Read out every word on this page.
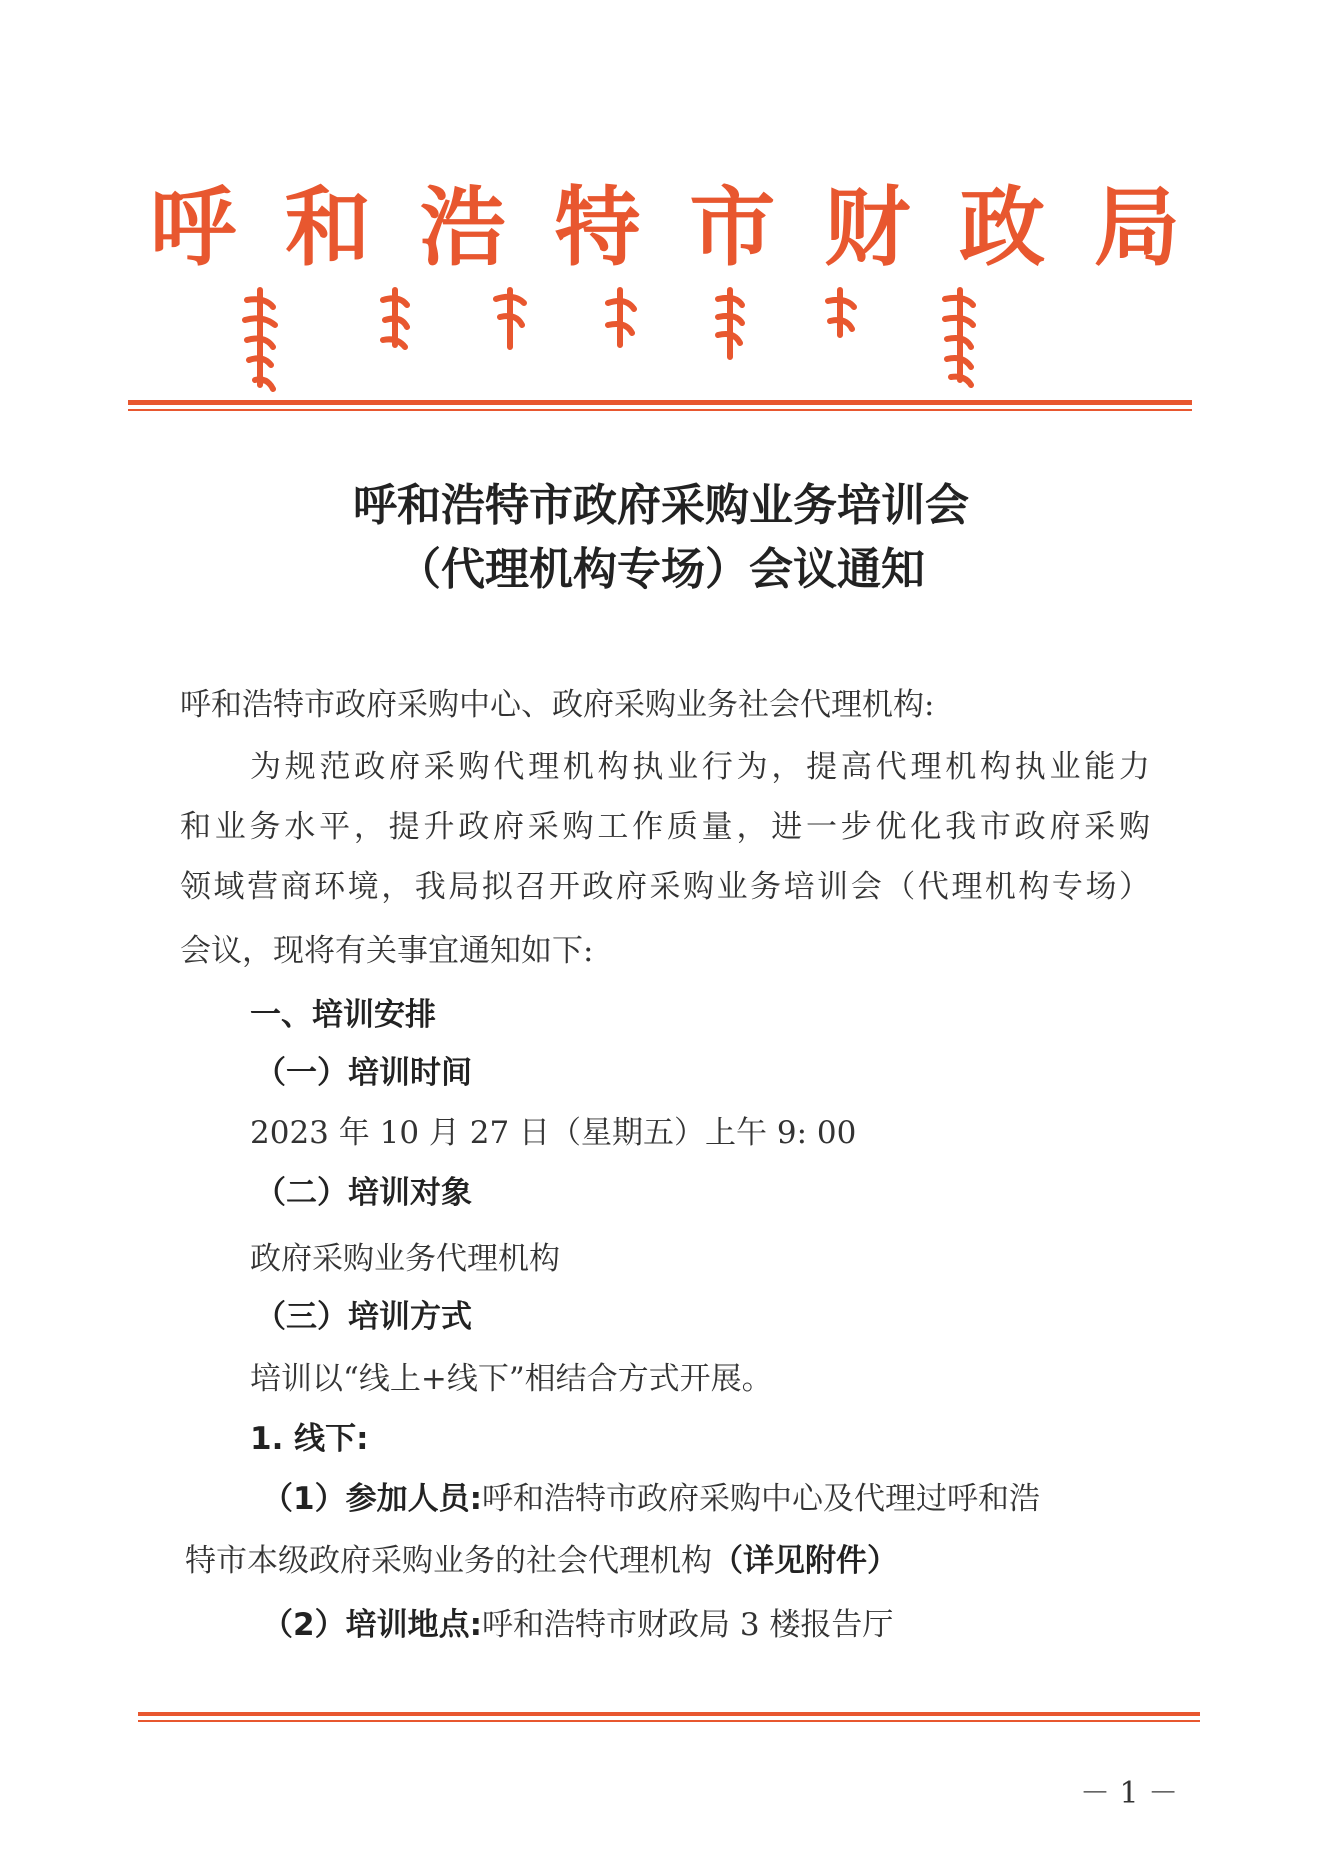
呼 和 浩 特 市 财 政 局
呼和浩特市政府采购业务培训会
（代理机构专场）会议通知
呼和浩特市政府采购中心、政府采购业务社会代理机构:
为规范政府采购代理机构执业行为，提高代理机构执业能力
和业务水平，提升政府采购工作质量，进一步优化我市政府采购
领域营商环境，我局拟召开政府采购业务培训会（代理机构专场）
会议，现将有关事宜通知如下:
一、培训安排
（一）培训时间
2023 年 10 月 27 日（星期五）上午 9: 00
（二）培训对象
政府采购业务代理机构
（三）培训方式
培训以“线上+线下”相结合方式开展。
1. 线下:
（1）参加人员:呼和浩特市政府采购中心及代理过呼和浩
特市本级政府采购业务的社会代理机构（详见附件）
（2）培训地点:呼和浩特市财政局 3 楼报告厅
－ 1 －
